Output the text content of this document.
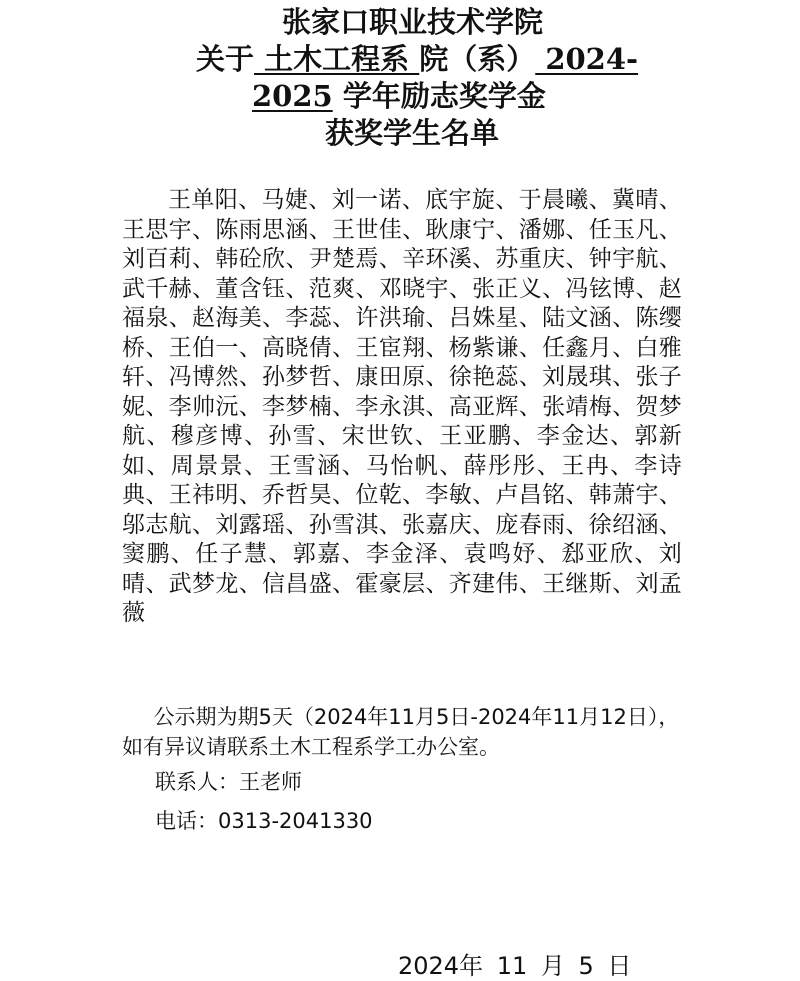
张家口职业技术学院
关于 土木工程系 院（系） 2024-
2025 学年励志奖学金
获奖学生名单
王单阳、马婕、刘一诺、底宇旋、于晨曦、冀晴、王思宇、陈雨思涵、王世佳、耿康宁、潘娜、任玉凡、刘百莉、韩砼欣、尹楚焉、辛环溪、苏重庆、钟宇航、武千赫、董含钰、范爽、邓晓宇、张正义、冯铉博、赵福泉、赵海美、李蕊、许洪瑜、吕姝星、陆文涵、陈缨桥、王伯一、高晓倩、王宦翔、杨紫谦、任鑫月、白雅轩、冯博然、孙梦哲、康田原、徐艳蕊、刘晟琪、张子妮、李帅沅、李梦楠、李永淇、高亚辉、张靖梅、贺梦航、穆彦博、孙雪、宋世钦、王亚鹏、李金达、郭新如、周景景、王雪涵、马怡帆、薛彤彤、王冉、李诗典、王祎明、乔哲昊、位乾、李敏、卢昌铭、韩萧宇、邬志航、刘露瑶、孙雪淇、张嘉庆、庞春雨、徐绍涵、窦鹏、任子慧、郭嘉、李金泽、袁鸣妤、郄亚欣、刘晴、武梦龙、信昌盛、霍豪层、齐建伟、王继斯、刘孟薇
公示期为期5天（2024年11月5日-2024年11月12日），如有异议请联系土木工程系学工办公室。
联系人：王老师
电话：0313-2041330
2024年 11 月 5 日
